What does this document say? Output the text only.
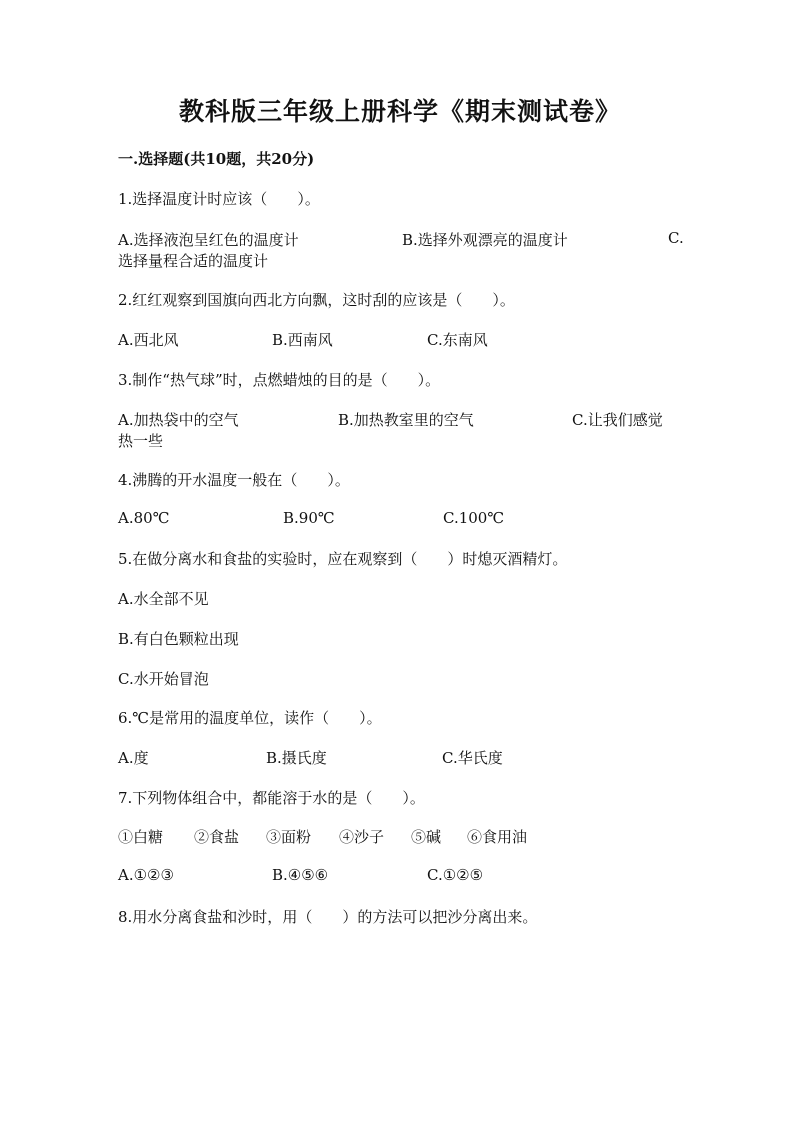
教科版三年级上册科学《期末测试卷》
一.选择题(共10题，共20分)
1.选择温度计时应该（　　）。
A.选择液泡呈红色的温度计	B.选择外观漂亮的温度计	C.
选择量程合适的温度计
2.红红观察到国旗向西北方向飘，这时刮的应该是（　　）。
A.西北风	B.西南风	C.东南风
3.制作“热气球”时，点燃蜡烛的目的是（　　）。
A.加热袋中的空气	B.加热教室里的空气	C.让我们感觉
热一些
4.沸腾的开水温度一般在（　　）。
A.80℃	B.90℃	C.100℃
5.在做分离水和食盐的实验时，应在观察到（　　）时熄灭酒精灯。
A.水全部不见
B.有白色颗粒出现
C.水开始冒泡
6.℃是常用的温度单位，读作（　　）。
A.度	B.摄氏度	C.华氏度
7.下列物体组合中，都能溶于水的是（　　）。
①白糖 ②食盐 ③面粉 ④沙子 ⑤碱 ⑥食用油
A.①②③	B.④⑤⑥	C.①②⑤
8.用水分离食盐和沙时，用（　　）的方法可以把沙分离出来。
